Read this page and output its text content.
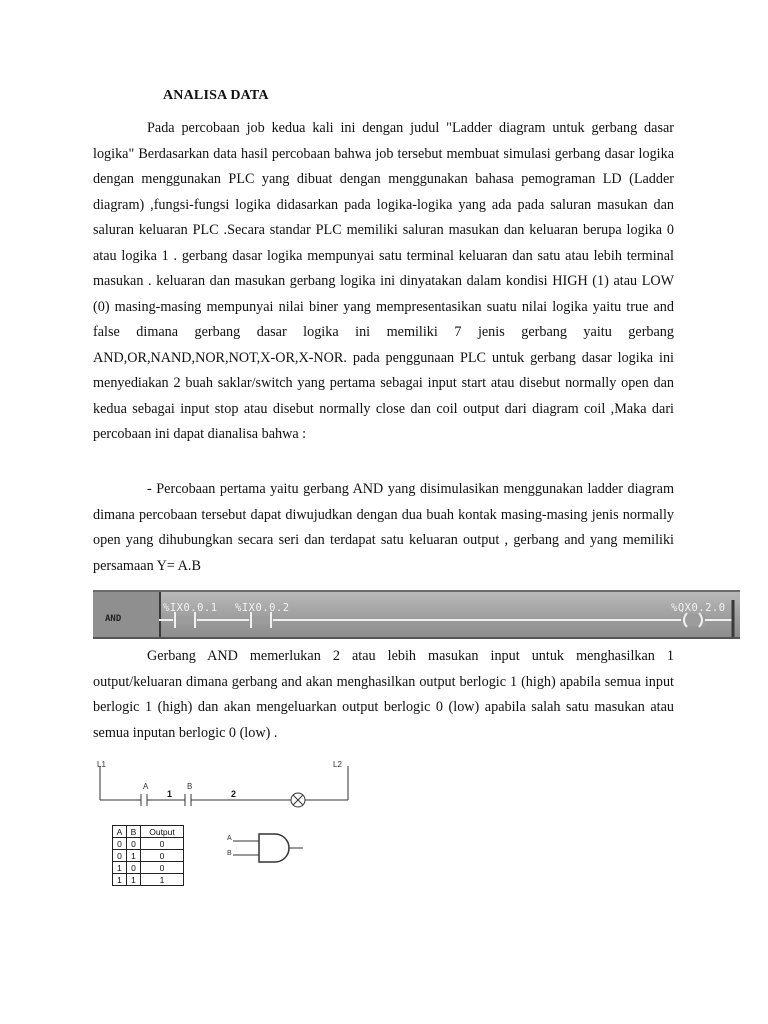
ANALISA DATA

Pada percobaan job kedua kali ini dengan judul "Ladder diagram untuk gerbang dasar logika" Berdasarkan data hasil percobaan bahwa job tersebut membuat simulasi gerbang dasar logika dengan menggunakan PLC yang dibuat dengan menggunakan bahasa pemograman LD (Ladder diagram) ,fungsi-fungsi logika didasarkan pada logika-logika yang ada pada saluran masukan dan saluran keluaran PLC .Secara standar PLC memiliki saluran masukan dan keluaran berupa logika 0 atau logika 1 . gerbang dasar logika mempunyai satu terminal keluaran dan satu atau lebih terminal masukan . keluaran dan masukan gerbang logika ini dinyatakan dalam kondisi HIGH (1) atau LOW (0) masing-masing mempunyai nilai biner yang mempresentasikan suatu nilai logika yaitu true and false dimana gerbang dasar logika ini memiliki 7 jenis gerbang yaitu gerbang AND,OR,NAND,NOR,NOT,X-OR,X-NOR. pada penggunaan PLC untuk gerbang dasar logika ini menyediakan 2 buah saklar/switch yang pertama sebagai input start atau disebut normally open dan kedua sebagai input stop atau disebut normally close dan coil output dari diagram coil ,Maka dari percobaan ini dapat dianalisa bahwa :

- Percobaan pertama yaitu gerbang AND yang disimulasikan menggunakan ladder diagram dimana percobaan tersebut dapat diwujudkan dengan dua buah kontak masing-masing jenis normally open yang dihubungkan secara seri dan terdapat satu keluaran output , gerbang and yang memiliki persamaan Y= A.B

AND
%IX0.0.1 %IX0.0.2	%QX0.2.0

Gerbang AND memerlukan 2 atau lebih masukan input untuk menghasilkan 1 output/keluaran dimana gerbang and akan menghasilkan output berlogic 1 (high) apabila semua input berlogic 1 (high) dan akan mengeluarkan output berlogic 0 (low) apabila salah satu masukan atau semua inputan berlogic 0 (low) .

L1	L2
A	B
1	2
A	B	Output
0	0	0
0	1	0
1	0	0
1	1	1
A
B
